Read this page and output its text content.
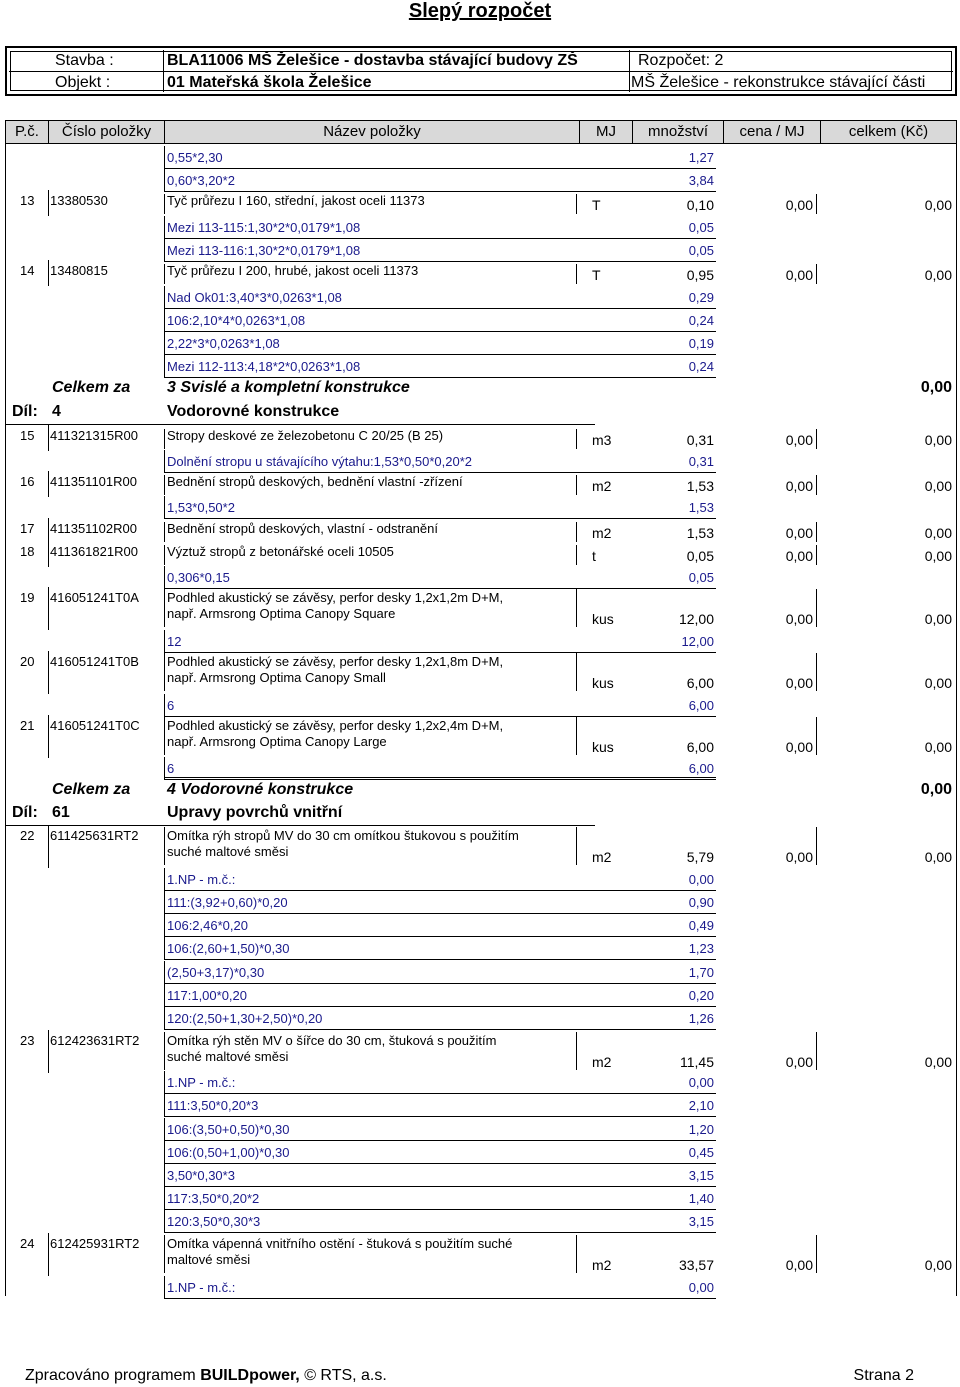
Slepý rozpočet
Stavba :	BLA11006 MŠ Želešice - dostavba stávající budovy ZŠ	Rozpočet: 2
Objekt :	01 Mateřská škola Želešice	MŠ Želešice - rekonstrukce stávající části
P.č.	Číslo položky	Název položky	MJ	množství	cena / MJ	celkem (Kč)
0,55*2,30	1,27
0,60*3,20*2	3,84
13 13380530	Tyč průřezu I 160, střední, jakost oceli 11373	T	0,10	0,00	0,00
Mezi 113-115:1,30*2*0,0179*1,08	0,05
Mezi 113-116:1,30*2*0,0179*1,08	0,05
14 13480815	Tyč průřezu I 200, hrubé, jakost oceli 11373	T	0,95	0,00	0,00
Nad Ok01:3,40*3*0,0263*1,08	0,29
106:2,10*4*0,0263*1,08	0,24
2,22*3*0,0263*1,08	0,19
Mezi 112-113:4,18*2*0,0263*1,08	0,24
Celkem za 3 Svislé a kompletní konstrukce	0,00
Díl: 4	Vodorovné konstrukce
15 411321315R00 Stropy deskové ze železobetonu C 20/25 (B 25)	m3	0,31	0,00	0,00
Dolnění stropu u stávajícího výtahu:1,53*0,50*0,20*2	0,31
16 411351101R00 Bednění stropů deskových, bednění vlastní -zřízení	m2	1,53	0,00	0,00
1,53*0,50*2	1,53
17 411351102R00 Bednění stropů deskových, vlastní - odstranění	m2	1,53	0,00	0,00
18 411361821R00 Výztuž stropů z betonářské oceli 10505	t	0,05	0,00	0,00
0,306*0,15	0,05
19 416051241T0A Podhled akustický se závěsy, perfor desky 1,2x1,2m D+M,
např. Armsrong Optima Canopy Square	kus	12,00	0,00	0,00
12	12,00
20 416051241T0B Podhled akustický se závěsy, perfor desky 1,2x1,8m D+M,
např. Armsrong Optima Canopy Small	kus	6,00	0,00	0,00
6	6,00
21 416051241T0C Podhled akustický se závěsy, perfor desky 1,2x2,4m D+M,
např. Armsrong Optima Canopy Large	kus	6,00	0,00	0,00
6	6,00
Celkem za 4 Vodorovné konstrukce	0,00
Díl: 61	Upravy povrchů vnitřní
22 611425631RT2 Omítka rýh stropů MV do 30 cm omítkou štukovou s použitím
suché maltové směsi	m2	5,79	0,00	0,00
1.NP - m.č.:	0,00
111:(3,92+0,60)*0,20	0,90
106:2,46*0,20	0,49
106:(2,60+1,50)*0,30	1,23
(2,50+3,17)*0,30	1,70
117:1,00*0,20	0,20
120:(2,50+1,30+2,50)*0,20	1,26
23 612423631RT2 Omítka rýh stěn MV o šířce do 30 cm, štuková s použitím
suché maltové směsi	m2	11,45	0,00	0,00
1.NP - m.č.:	0,00
111:3,50*0,20*3	2,10
106:(3,50+0,50)*0,30	1,20
106:(0,50+1,00)*0,30	0,45
3,50*0,30*3	3,15
117:3,50*0,20*2	1,40
120:3,50*0,30*3	3,15
24 612425931RT2 Omítka vápenná vnitřního ostění - štuková s použitím suché
maltové směsi	m2	33,57	0,00	0,00
1.NP - m.č.:	0,00
Zpracováno programem BUILDpower, © RTS, a.s.	Strana 2
